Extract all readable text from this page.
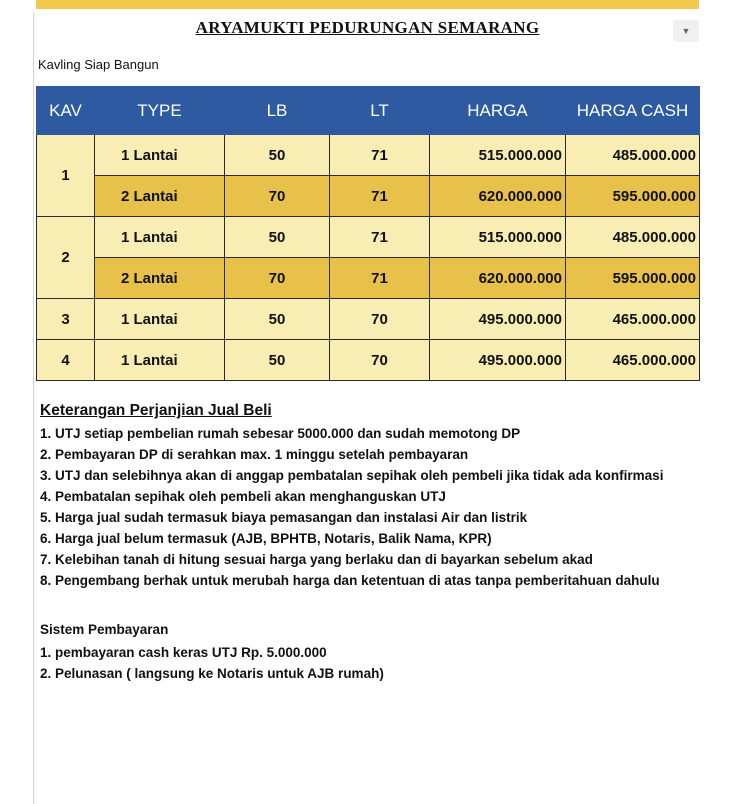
ARYAMUKTI PEDURUNGAN SEMARANG	▼
Kavling Siap Bangun
KAV	TYPE	LB	LT	HARGA	HARGA CASH
1	1 Lantai	50	71	515.000.000	485.000.000
	2 Lantai	70	71	620.000.000	595.000.000
2	1 Lantai	50	71	515.000.000	485.000.000
	2 Lantai	70	71	620.000.000	595.000.000
3	1 Lantai	50	70	495.000.000	465.000.000
4	1 Lantai	50	70	495.000.000	465.000.000
Keterangan Perjanjian Jual Beli
1. UTJ setiap pembelian rumah sebesar 5000.000 dan sudah memotong DP
2. Pembayaran DP di serahkan max. 1 minggu setelah pembayaran
3. UTJ dan selebihnya akan di anggap pembatalan sepihak oleh pembeli jika tidak ada konfirmasi
4. Pembatalan sepihak oleh pembeli akan menghanguskan UTJ
5. Harga jual sudah termasuk biaya pemasangan dan instalasi Air dan listrik
6. Harga jual belum termasuk (AJB, BPHTB, Notaris, Balik Nama, KPR)
7. Kelebihan tanah di hitung sesuai harga yang berlaku dan di bayarkan sebelum akad
8. Pengembang berhak untuk merubah harga dan ketentuan di atas tanpa pemberitahuan dahulu
Sistem Pembayaran
1. pembayaran cash keras UTJ Rp. 5.000.000
2. Pelunasan ( langsung ke Notaris untuk AJB rumah)
